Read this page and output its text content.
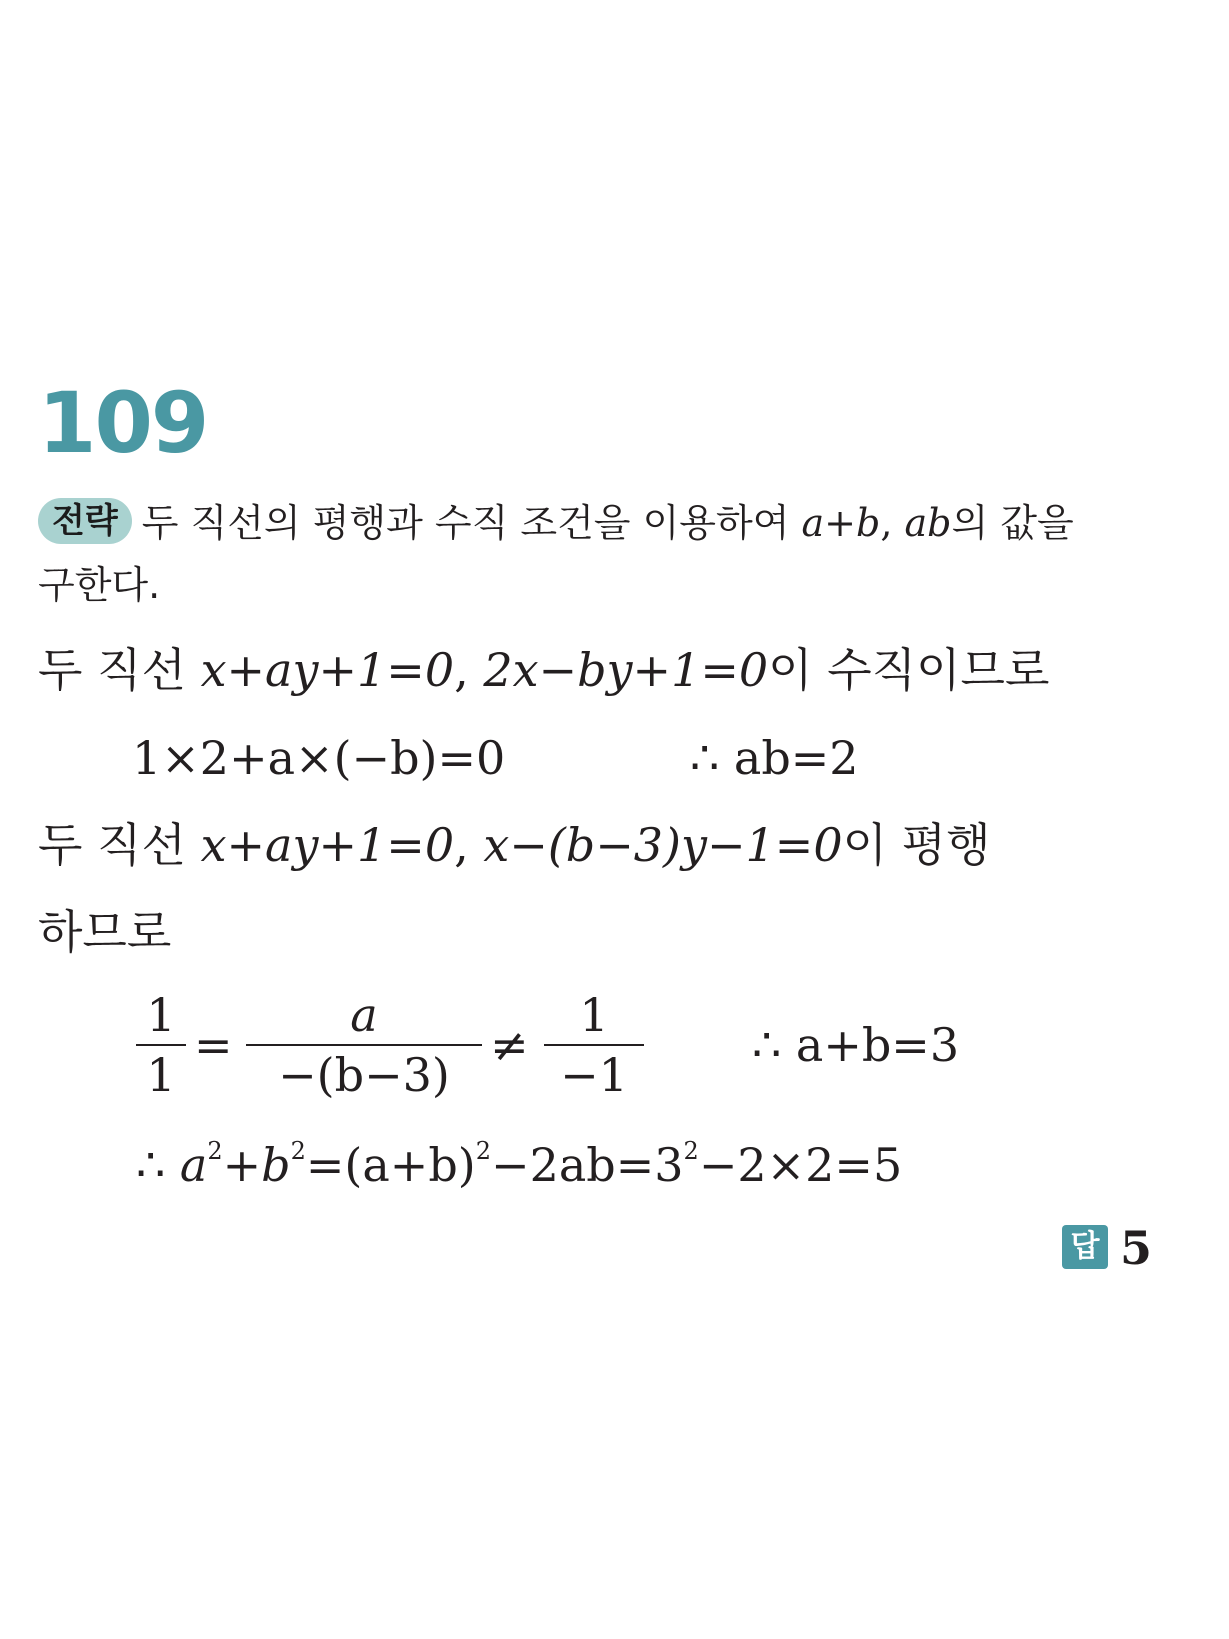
109
전략 두 직선의 평행과 수직 조건을 이용하여 a+b, ab의 값을
구한다.
두 직선 x+ay+1=0, 2x−by+1=0이 수직이므로
1×2+a×(−b)=0	∴ ab=2
두 직선 x+ay+1=0, x−(b−3)y−1=0이 평행
하므로
1
1
=
a
−(b−3)
≠
1
−1
∴ a+b=3
∴ $a^2+b^2=(a+b)^2-2ab=3^2-2\times 2=5$
답 5
